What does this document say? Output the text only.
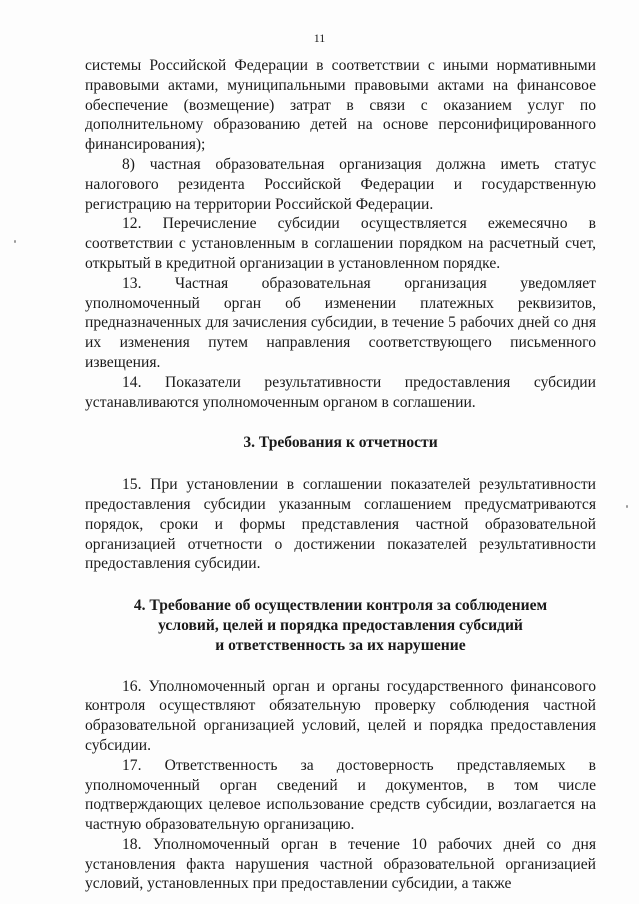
11

системы Российской Федерации в соответствии с иными нормативными правовыми актами, муниципальными правовыми актами на финансовое обеспечение (возмещение) затрат в связи с оказанием услуг по дополнительному образованию детей на основе персонифицированного финансирования);

8) частная образовательная организация должна иметь статус налогового резидента Российской Федерации и государственную регистрацию на территории Российской Федерации.

12. Перечисление субсидии осуществляется ежемесячно в соответствии с установленным в соглашении порядком на расчетный счет, открытый в кредитной организации в установленном порядке.

13. Частная образовательная организация уведомляет уполномоченный орган об изменении платежных реквизитов, предназначенных для зачисления субсидии, в течение 5 рабочих дней со дня их изменения путем направления соответствующего письменного извещения.

14. Показатели результативности предоставления субсидии устанавливаются уполномоченным органом в соглашении.

3. Требования к отчетности

15. При установлении в соглашении показателей результативности предоставления субсидии указанным соглашением предусматриваются порядок, сроки и формы представления частной образовательной организацией отчетности о достижении показателей результативности предоставления субсидии.

4. Требование об осуществлении контроля за соблюдением
условий, целей и порядка предоставления субсидий
и ответственность за их нарушение

16. Уполномоченный орган и органы государственного финансового контроля осуществляют обязательную проверку соблюдения частной образовательной организацией условий, целей и порядка предоставления субсидии.

17. Ответственность за достоверность представляемых в уполномоченный орган сведений и документов, в том числе подтверждающих целевое использование средств субсидии, возлагается на частную образовательную организацию.

18. Уполномоченный орган в течение 10 рабочих дней со дня установления факта нарушения частной образовательной организацией условий, установленных при предоставлении субсидии, а также
